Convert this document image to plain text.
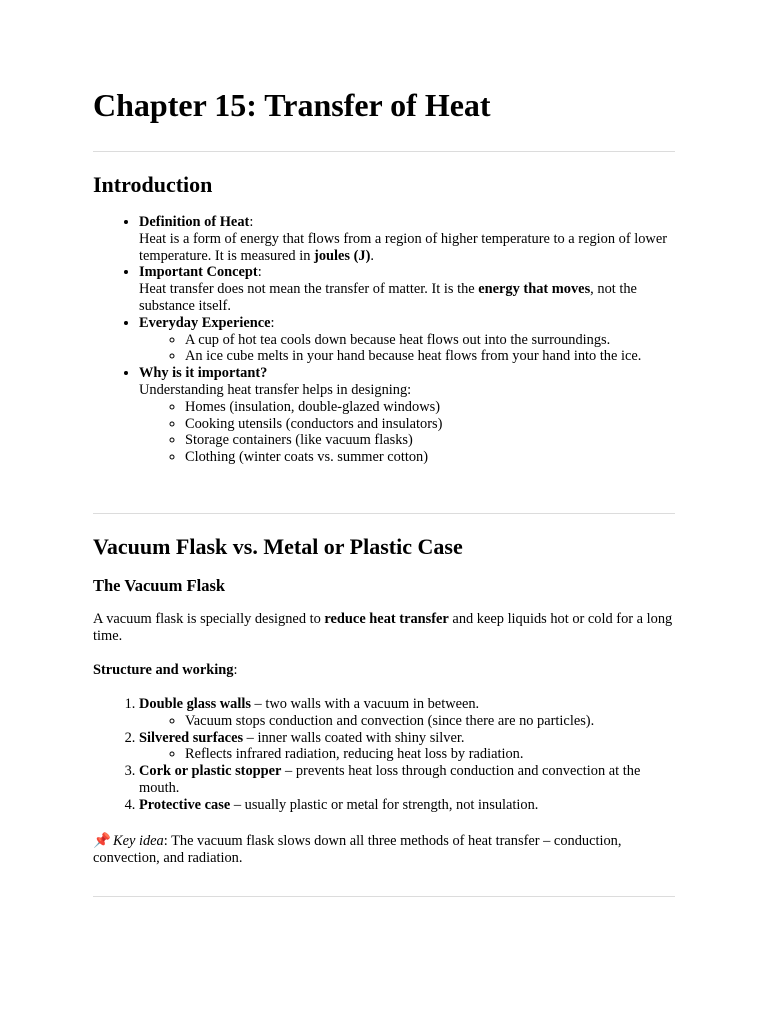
Chapter 15: Transfer of Heat
Introduction
• Definition of Heat:
Heat is a form of energy that flows from a region of higher temperature to a region of lower temperature. It is measured in joules (J).
• Important Concept:
Heat transfer does not mean the transfer of matter. It is the energy that moves, not the substance itself.
• Everyday Experience:
◦ A cup of hot tea cools down because heat flows out into the surroundings.
◦ An ice cube melts in your hand because heat flows from your hand into the ice.
• Why is it important?
Understanding heat transfer helps in designing:
◦ Homes (insulation, double-glazed windows)
◦ Cooking utensils (conductors and insulators)
◦ Storage containers (like vacuum flasks)
◦ Clothing (winter coats vs. summer cotton)
Vacuum Flask vs. Metal or Plastic Case
The Vacuum Flask

A vacuum flask is specially designed to reduce heat transfer and keep liquids hot or cold for a long time.

Structure and working:

1. Double glass walls – two walls with a vacuum in between.
◦ Vacuum stops conduction and convection (since there are no particles).
2. Silvered surfaces – inner walls coated with shiny silver.
◦ Reflects infrared radiation, reducing heat loss by radiation.
3. Cork or plastic stopper – prevents heat loss through conduction and convection at the mouth.
4. Protective case – usually plastic or metal for strength, not insulation.

📌 Key idea: The vacuum flask slows down all three methods of heat transfer – conduction, convection, and radiation.
